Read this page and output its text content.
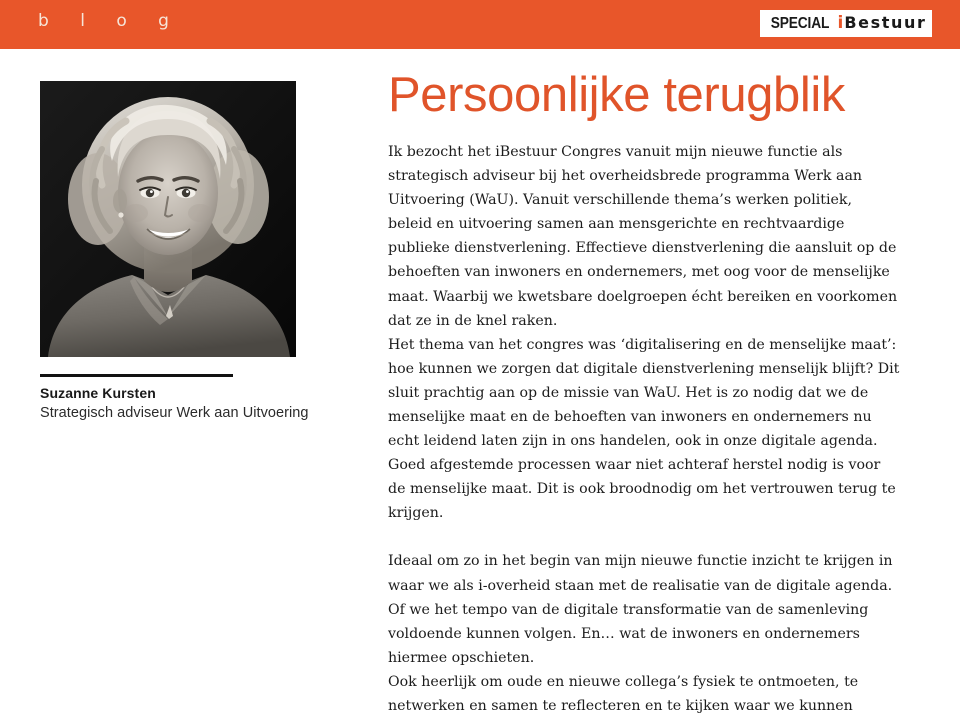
b l o g	SPECIAL i Bestuur
Suzanne Kursten
Strategisch adviseur Werk aan Uitvoering
Persoonlijke terugblik

Ik bezocht het iBestuur Congres vanuit mijn nieuwe functie als strategisch adviseur bij het overheidsbrede programma Werk aan Uitvoering (WaU). Vanuit verschillende thema’s werken politiek, beleid en uitvoering samen aan mensgerichte en rechtvaardige publieke dienstverlening. Effectieve dienstverlening die aansluit op de behoeften van inwoners en ondernemers, met oog voor de menselijke maat. Waarbij we kwetsbare doelgroepen écht bereiken en voorkomen dat ze in de knel raken.

Het thema van het congres was ‘digitalisering en de menselijke maat’: hoe kunnen we zorgen dat digitale dienstverlening menselijk blijft? Dit sluit prachtig aan op de missie van WaU. Het is zo nodig dat we de menselijke maat en de behoeften van inwoners en ondernemers nu echt leidend laten zijn in ons handelen, ook in onze digitale agenda. Goed afgestemde processen waar niet achteraf herstel nodig is voor de menselijke maat. Dit is ook broodnodig om het vertrouwen terug te krijgen.

Ideaal om zo in het begin van mijn nieuwe functie inzicht te krijgen in waar we als i-overheid staan met de realisatie van de digitale agenda. Of we het tempo van de digitale transformatie van de samenleving voldoende kunnen volgen. En… wat de inwoners en ondernemers hiermee opschieten.

Ook heerlijk om oude en nieuwe collega’s fysiek te ontmoeten, te netwerken en samen te reflecteren en te kijken waar we kunnen
